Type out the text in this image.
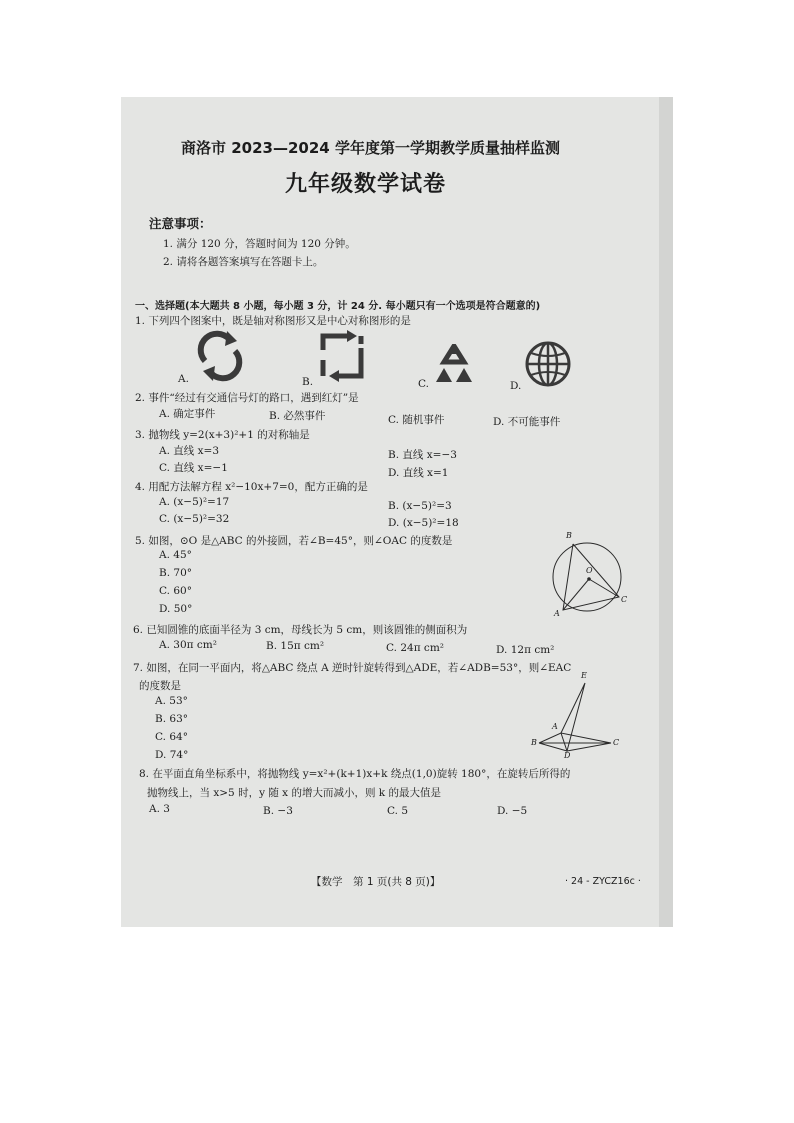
商洛市 2023—2024 学年度第一学期教学质量抽样监测
九年级数学试卷
注意事项：
1. 满分 120 分，答题时间为 120 分钟。
2. 请将各题答案填写在答题卡上。
一、选择题(本大题共 8 小题，每小题 3 分，计 24 分. 每小题只有一个选项是符合题意的)
1. 下列四个图案中，既是轴对称图形又是中心对称图形的是
A.	B.	C.	D.
2. 事件“经过有交通信号灯的路口，遇到红灯”是
A. 确定事件	B. 必然事件	C. 随机事件	D. 不可能事件
3. 抛物线 y=2(x+3)²+1 的对称轴是
A. 直线 x=3	B. 直线 x=−3
C. 直线 x=−1	D. 直线 x=1
4. 用配方法解方程 x²−10x+7=0，配方正确的是
A. (x−5)²=17	B. (x−5)²=3
C. (x−5)²=32	D. (x−5)²=18
5. 如图，⊙O 是△ABC 的外接圆，若∠B=45°，则∠OAC 的度数是
A. 45°
B. 70°
C. 60°
D. 50°
B
O
A
C
6. 已知圆锥的底面半径为 3 cm，母线长为 5 cm，则该圆锥的侧面积为
A. 30π cm²	B. 15π cm²	C. 24π cm²	D. 12π cm²
7. 如图，在同一平面内，将△ABC 绕点 A 逆时针旋转得到△ADE，若∠ADB=53°，则∠EAC
的度数是
A. 53°
B. 63°
C. 64°
D. 74°
E
A
B
D
C
8. 在平面直角坐标系中，将抛物线 y=x²+(k+1)x+k 绕点(1,0)旋转 180°，在旋转后所得的
抛物线上，当 x>5 时，y 随 x 的增大而减小，则 k 的最大值是
A. 3	B. −3	C. 5	D. −5
【数学　第 1 页(共 8 页)】	· 24 - ZYCZ16c ·
